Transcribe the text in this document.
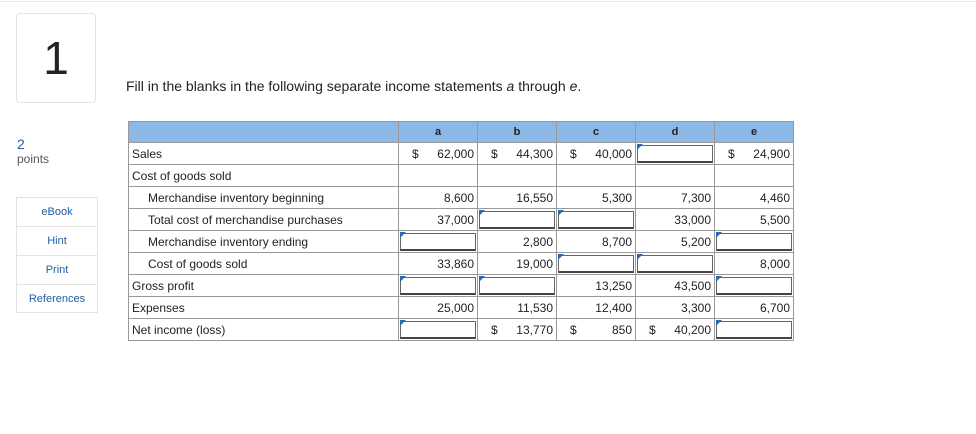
1
2
points
eBook
Hint
Print
References
Fill in the blanks in the following separate income statements a through e.
	a	b	c	d	e
Sales	$ 62,000	$ 44,300	$ 40,000		$ 24,900

Cost of goods sold	

Merchandise inventory beginning	8,600	16,550	5,300	7,300	4,460

Total cost of merchandise purchases	37,000			33,000	5,500

Merchandise inventory ending		2,800	8,700	5,200

Cost of goods sold	33,860	19,000			8,000

Gross profit			13,250	43,500

Expenses	25,000	11,530	12,400	3,300	6,700

Net income (loss)		$ 13,770	$ 850	$ 40,200
